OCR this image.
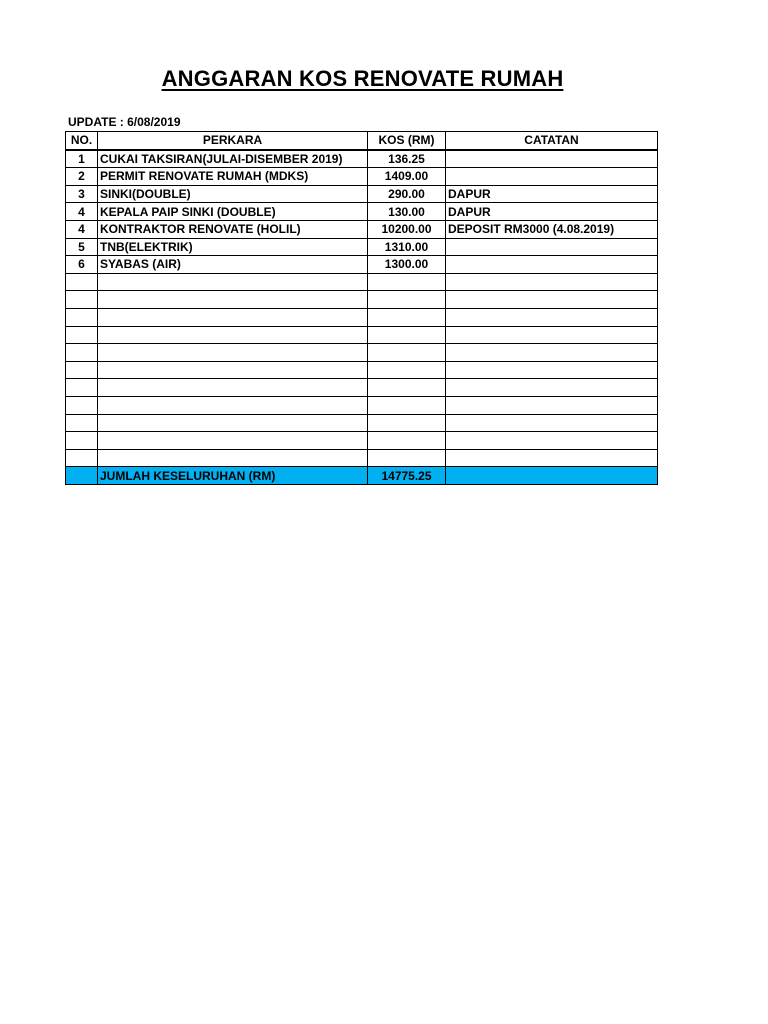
ANGGARAN KOS RENOVATE RUMAH
UPDATE : 6/08/2019
NO.	PERKARA	KOS (RM)	CATATAN
1	CUKAI TAKSIRAN(JULAI-DISEMBER 2019)	136.25	
2	PERMIT RENOVATE RUMAH (MDKS)	1409.00	
3	SINKI(DOUBLE)	290.00	DAPUR
4	KEPALA PAIP SINKI (DOUBLE)	130.00	DAPUR
4	KONTRAKTOR RENOVATE (HOLIL)	10200.00	DEPOSIT RM3000 (4.08.2019)
5	TNB(ELEKTRIK)	1310.00	
6	SYABAS (AIR)	1300.00	

	JUMLAH KESELURUHAN (RM)	14775.25	
